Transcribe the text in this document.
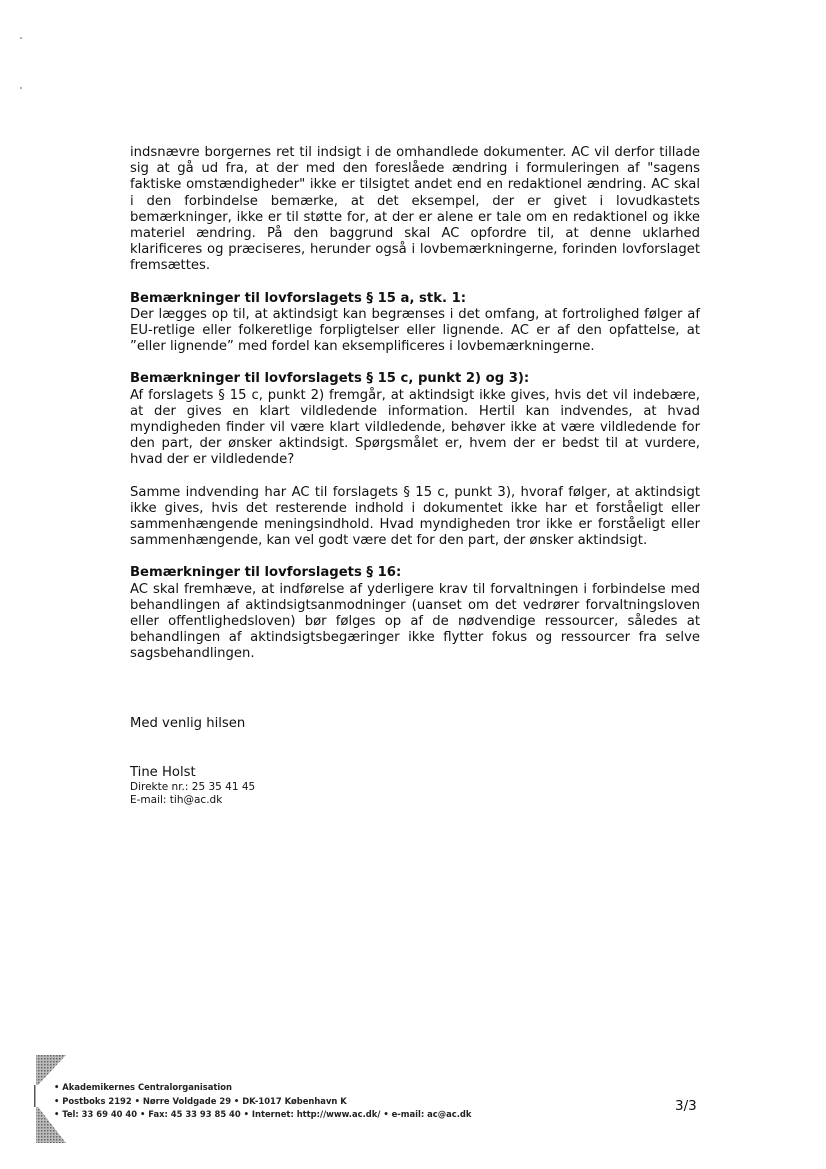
indsnævre borgernes ret til indsigt i de omhandlede dokumenter. AC vil derfor tillade sig at gå ud fra, at der med den foreslåede ændring i formuleringen af "sagens faktiske omstændigheder" ikke er tilsigtet andet end en redaktionel ændring. AC skal i den forbindelse bemærke, at det eksempel, der er givet i lovudkastets bemærkninger, ikke er til støtte for, at der er alene er tale om en redaktionel og ikke materiel ændring. På den baggrund skal AC opfordre til, at denne uklarhed klarificeres og præciseres, herunder også i lovbemærkningerne, forinden lovforslaget fremsættes.

Bemærkninger til lovforslagets § 15 a, stk. 1:
Der lægges op til, at aktindsigt kan begrænses i det omfang, at fortrolighed følger af EU-retlige eller folkeretlige forpligtelser eller lignende. AC er af den opfattelse, at ”eller lignende” med fordel kan eksemplificeres i lovbemærkningerne.

Bemærkninger til lovforslagets § 15 c, punkt 2) og 3):
Af forslagets § 15 c, punkt 2) fremgår, at aktindsigt ikke gives, hvis det vil indebære, at der gives en klart vildledende information. Hertil kan indvendes, at hvad myndigheden finder vil være klart vildledende, behøver ikke at være vildledende for den part, der ønsker aktindsigt. Spørgsmålet er, hvem der er bedst til at vurdere, hvad der er vildledende?

Samme indvending har AC til forslagets § 15 c, punkt 3), hvoraf følger, at aktindsigt ikke gives, hvis det resterende indhold i dokumentet ikke har et forståeligt eller sammenhængende meningsindhold. Hvad myndigheden tror ikke er forståeligt eller sammenhængende, kan vel godt være det for den part, der ønsker aktindsigt.

Bemærkninger til lovforslagets § 16:
AC skal fremhæve, at indførelse af yderligere krav til forvaltningen i forbindelse med behandlingen af aktindsigtsanmodninger (uanset om det vedrører forvaltningsloven eller offentlighedsloven) bør følges op af de nødvendige ressourcer, således at behandlingen af aktindsigtsbegæringer ikke flytter fokus og ressourcer fra selve sagsbehandlingen.

Med venlig hilsen
Tine Holst
Direkte nr.: 25 35 41 45
E-mail: tih@ac.dk
• Akademikernes Centralorganisation
• Postboks 2192 • Nørre Voldgade 29 • DK-1017 København K
• Tel: 33 69 40 40 • Fax: 45 33 93 85 40 • Internet: http://www.ac.dk/ • e-mail: ac@ac.dk	3/3
